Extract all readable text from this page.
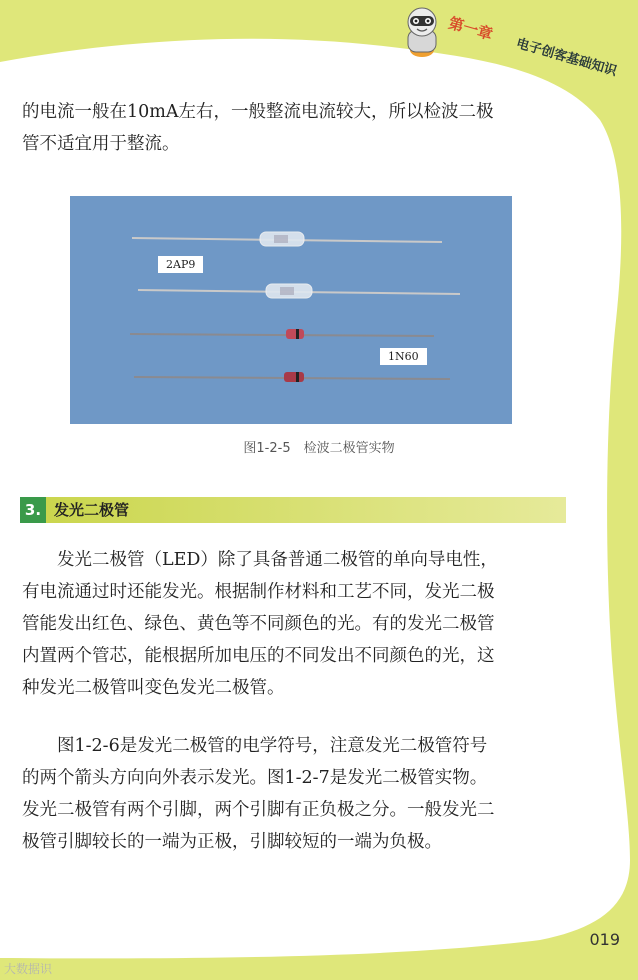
第一章 电子创客基础知识

的电流一般在10mA左右，一般整流电流较大，所以检波二极
管不适宜用于整流。

2AP9
1N60
图1-2-5　检波二极管实物
3. 发光二极管

发光二极管（LED）除了具备普通二极管的单向导电性，
有电流通过时还能发光。根据制作材料和工艺不同，发光二极
管能发出红色、绿色、黄色等不同颜色的光。有的发光二极管
内置两个管芯，能根据所加电压的不同发出不同颜色的光，这
种发光二极管叫变色发光二极管。

图1-2-6是发光二极管的电学符号，注意发光二极管符号
的两个箭头方向向外表示发光。图1-2-7是发光二极管实物。
发光二极管有两个引脚，两个引脚有正负极之分。一般发光二
极管引脚较长的一端为正极，引脚较短的一端为负极。

019
大数据识
